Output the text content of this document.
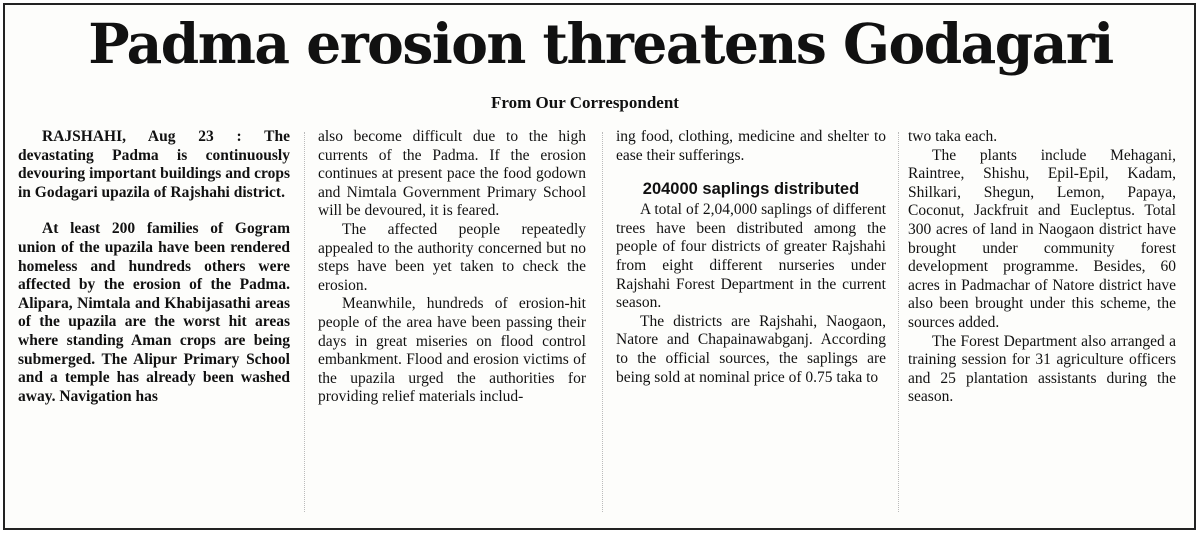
Padma erosion threatens Godagari
From Our Correspondent

RAJSHAHI, Aug 23 : The devastating Padma is continuously devouring important buildings and crops in Godagari upazila of Rajshahi district.

At least 200 families of Gogram union of the upazila have been rendered homeless and hundreds others were affected by the erosion of the Padma. Alipara, Nimtala and Khabijasathi areas of the upazila are the worst hit areas where standing Aman crops are being submerged. The Alipur Primary School and a temple has already been washed away. Navigation has

also become difficult due to the high currents of the Padma. If the erosion continues at present pace the food godown and Nimtala Government Primary School will be devoured, it is feared.

The affected people repeatedly appealed to the authority concerned but no steps have been yet taken to check the erosion.

Meanwhile, hundreds of erosion-hit people of the area have been passing their days in great miseries on flood control embankment. Flood and erosion victims of the upazila urged the authorities for providing relief materials includ-

ing food, clothing, medicine and shelter to ease their sufferings.

204000 saplings distributed

A total of 2,04,000 saplings of different trees have been distributed among the people of four districts of greater Rajshahi from eight different nurseries under Rajshahi Forest Department in the current season.

The districts are Rajshahi, Naogaon, Natore and Chapainawabganj. According to the official sources, the saplings are being sold at nominal price of 0.75 taka to

two taka each.

The plants include Mehagani, Raintree, Shishu, Epil-Epil, Kadam, Shilkari, Shegun, Lemon, Papaya, Coconut, Jackfruit and Eucleptus. Total 300 acres of land in Naogaon district have brought under community forest development programme. Besides, 60 acres in Padmachar of Natore district have also been brought under this scheme, the sources added.

The Forest Department also arranged a training session for 31 agriculture officers and 25 plantation assistants during the season.
